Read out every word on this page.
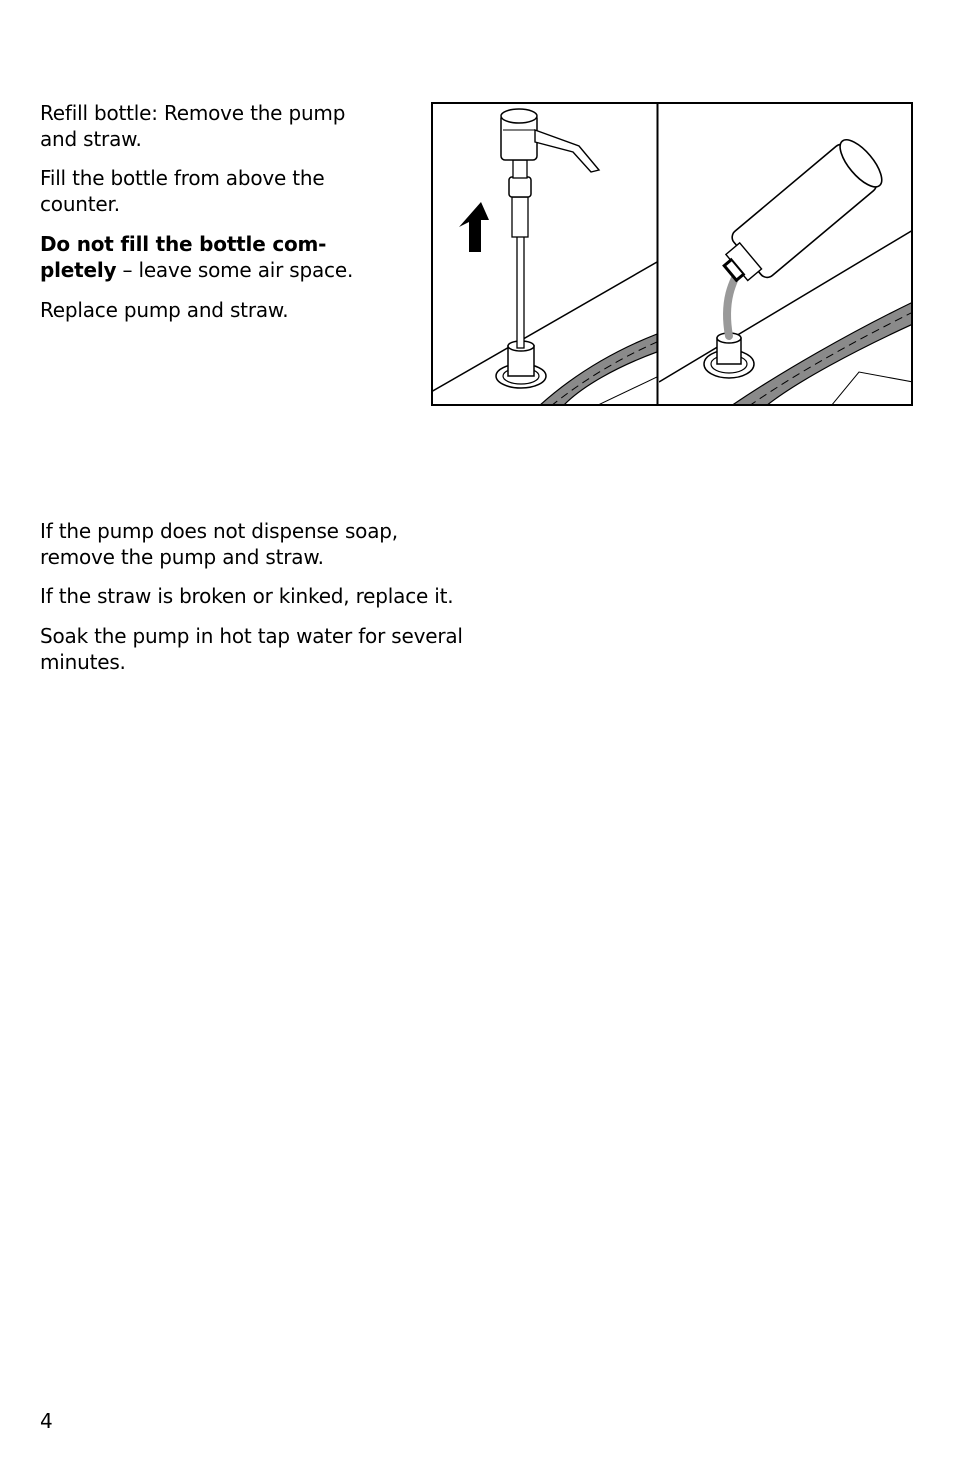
Refill bottle: Remove the pump and straw.

Fill the bottle from above the counter.

Do not fill the bottle com-
pletely – leave some air space.

Replace pump and straw.

If the pump does not dispense soap, remove the pump and straw.

If the straw is broken or kinked, replace it.

Soak the pump in hot tap water for several minutes.

4
